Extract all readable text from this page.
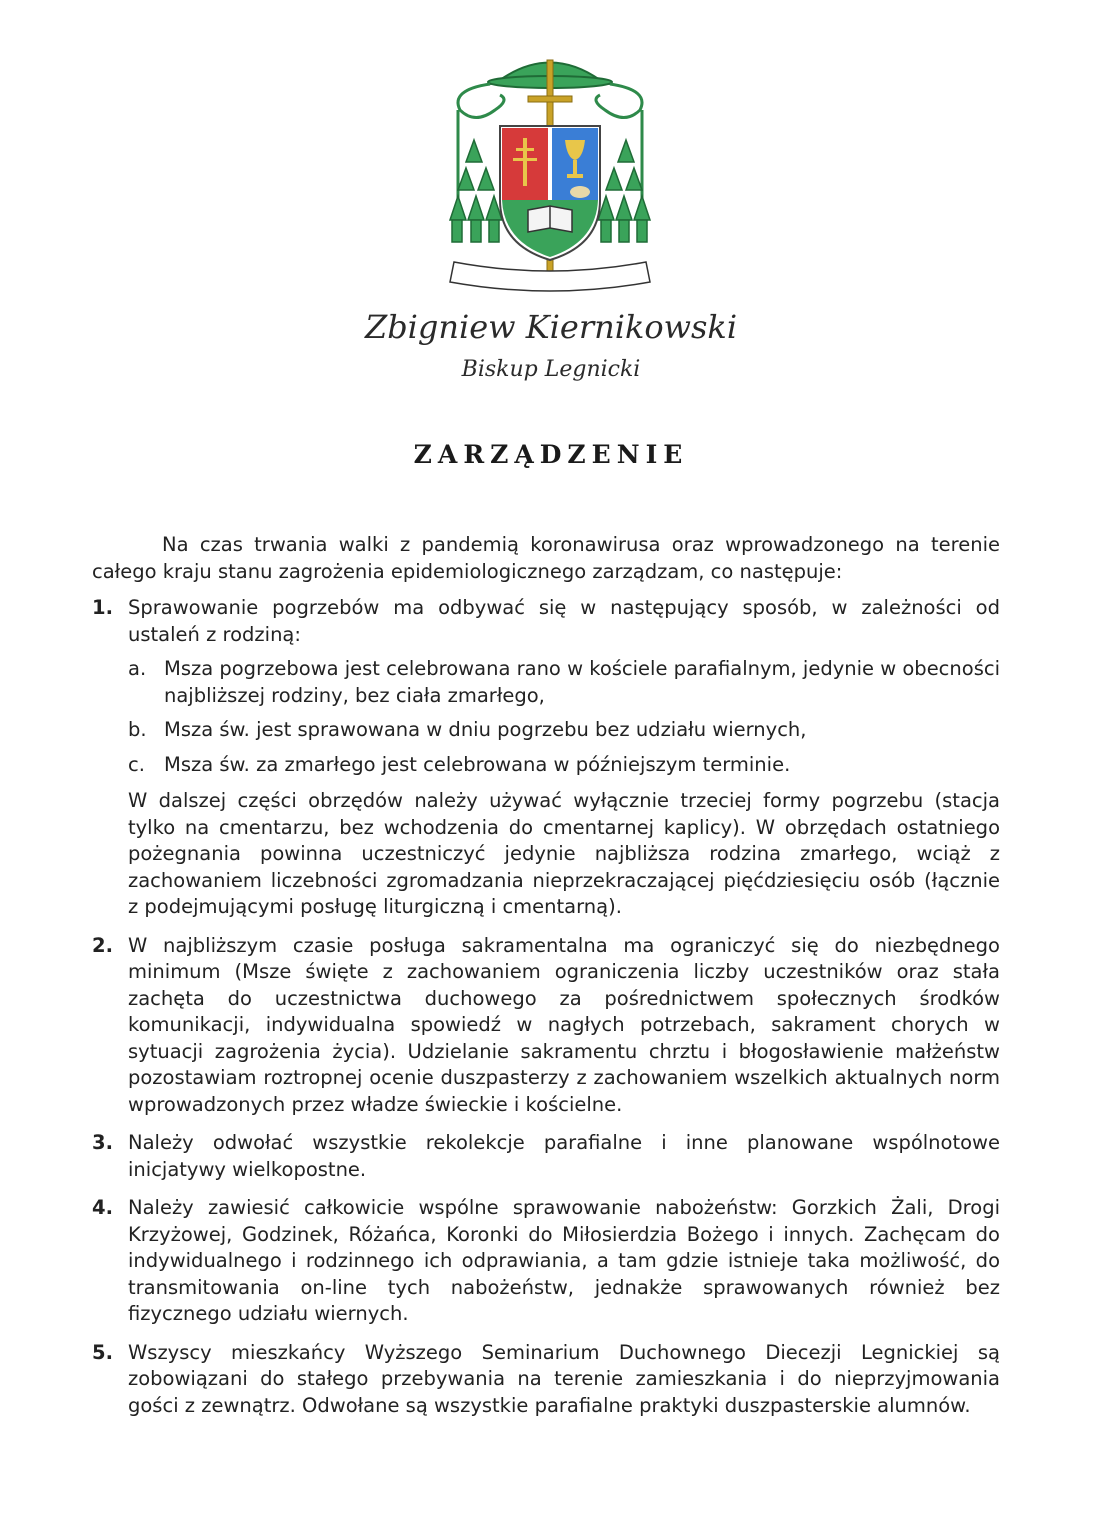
Zbigniew Kiernikowski
Biskup Legnicki
ZARZĄDZENIE

Na czas trwania walki z pandemią koronawirusa oraz wprowadzonego na terenie całego kraju stanu zagrożenia epidemiologicznego zarządzam, co następuje:

1. Sprawowanie pogrzebów ma odbywać się w następujący sposób, w zależności od ustaleń z rodziną:

a. Msza pogrzebowa jest celebrowana rano w kościele parafialnym, jedynie w obecności najbliższej rodziny, bez ciała zmarłego,

b. Msza św. jest sprawowana w dniu pogrzebu bez udziału wiernych,

c. Msza św. za zmarłego jest celebrowana w późniejszym terminie.

W dalszej części obrzędów należy używać wyłącznie trzeciej formy pogrzebu (stacja tylko na cmentarzu, bez wchodzenia do cmentarnej kaplicy). W obrzędach ostatniego pożegnania powinna uczestniczyć jedynie najbliższa rodzina zmarłego, wciąż z zachowaniem liczebności zgromadzania nieprzekraczającej pięćdziesięciu osób (łącznie z podejmującymi posługę liturgiczną i cmentarną).

2. W najbliższym czasie posługa sakramentalna ma ograniczyć się do niezbędnego minimum (Msze święte z zachowaniem ograniczenia liczby uczestników oraz stała zachęta do uczestnictwa duchowego za pośrednictwem społecznych środków komunikacji, indywidualna spowiedź w nagłych potrzebach, sakrament chorych w sytuacji zagrożenia życia). Udzielanie sakramentu chrztu i błogosławienie małżeństw pozostawiam roztropnej ocenie duszpasterzy z zachowaniem wszelkich aktualnych norm wprowadzonych przez władze świeckie i kościelne.

3. Należy odwołać wszystkie rekolekcje parafialne i inne planowane wspólnotowe inicjatywy wielkopostne.

4. Należy zawiesić całkowicie wspólne sprawowanie nabożeństw: Gorzkich Żali, Drogi Krzyżowej, Godzinek, Różańca, Koronki do Miłosierdzia Bożego i innych. Zachęcam do indywidualnego i rodzinnego ich odprawiania, a tam gdzie istnieje taka możliwość, do transmitowania on-line tych nabożeństw, jednakże sprawowanych również bez fizycznego udziału wiernych.

5. Wszyscy mieszkańcy Wyższego Seminarium Duchownego Diecezji Legnickiej są zobowiązani do stałego przebywania na terenie zamieszkania i do nieprzyjmowania gości z zewnątrz. Odwołane są wszystkie parafialne praktyki duszpasterskie alumnów.
